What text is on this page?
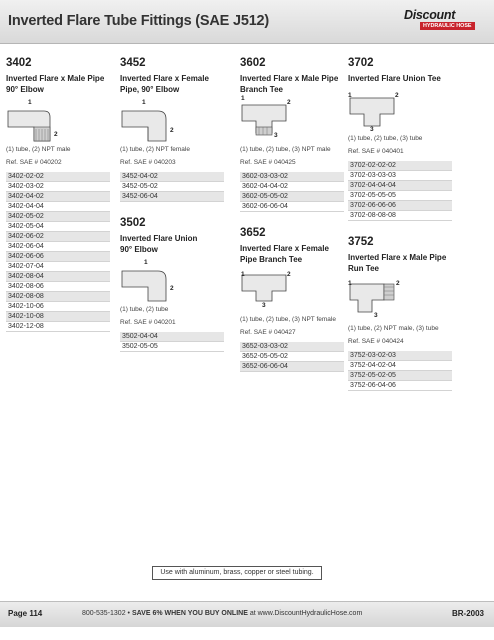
Inverted Flare Tube Fittings (SAE J512)	Discount
HYDRAULIC HOSE
3402
Inverted Flare x Male Pipe
90° Elbow
1
2
(1) tube, (2) NPT male
Ref. SAE # 040202
3402-02-02
3402-03-02
3402-04-02
3402-04-04
3402-05-02
3402-05-04
3402-06-02
3402-06-04
3402-06-06
3402-07-04
3402-08-04
3402-08-06
3402-08-08
3402-10-06
3402-10-08
3402-12-08
3452
Inverted Flare x Female
Pipe, 90° Elbow
1
2
(1) tube, (2) NPT female
Ref. SAE # 040203
3452-04-02
3452-05-02
3452-06-04
3502
Inverted Flare Union
90° Elbow
1
2
(1) tube, (2) tube
Ref. SAE # 040201
3502-04-04
3502-05-05
3602
Inverted Flare x Male Pipe
Branch Tee
1
2
3
(1) tube, (2) tube, (3) NPT male
Ref. SAE # 040425
3602-03-03-02
3602-04-04-02
3602-05-05-02
3602-06-06-04
3652
Inverted Flare x Female
Pipe Branch Tee
1	2
3
(1) tube, (2) tube, (3) NPT female
Ref. SAE # 040427
3652-03-03-02
3652-05-05-02
3652-06-06-04
3702
Inverted Flare Union Tee
1	2
3
(1) tube, (2) tube, (3) tube
Ref. SAE # 040401
3702-02-02-02
3702-03-03-03
3702-04-04-04
3702-05-05-05
3702-06-06-06
3702-08-08-08
3752
Inverted Flare x Male Pipe
Run Tee
1	2
3
(1) tube, (2) NPT male, (3) tube
Ref. SAE # 040424
3752-03-02-03
3752-04-02-04
3752-05-02-05
3752-06-04-06
Use with aluminum, brass, copper or steel tubing.
Page 114	800-535-1302 • SAVE 6% WHEN YOU BUY ONLINE at www.DiscountHydraulicHose.com	BR-2003
